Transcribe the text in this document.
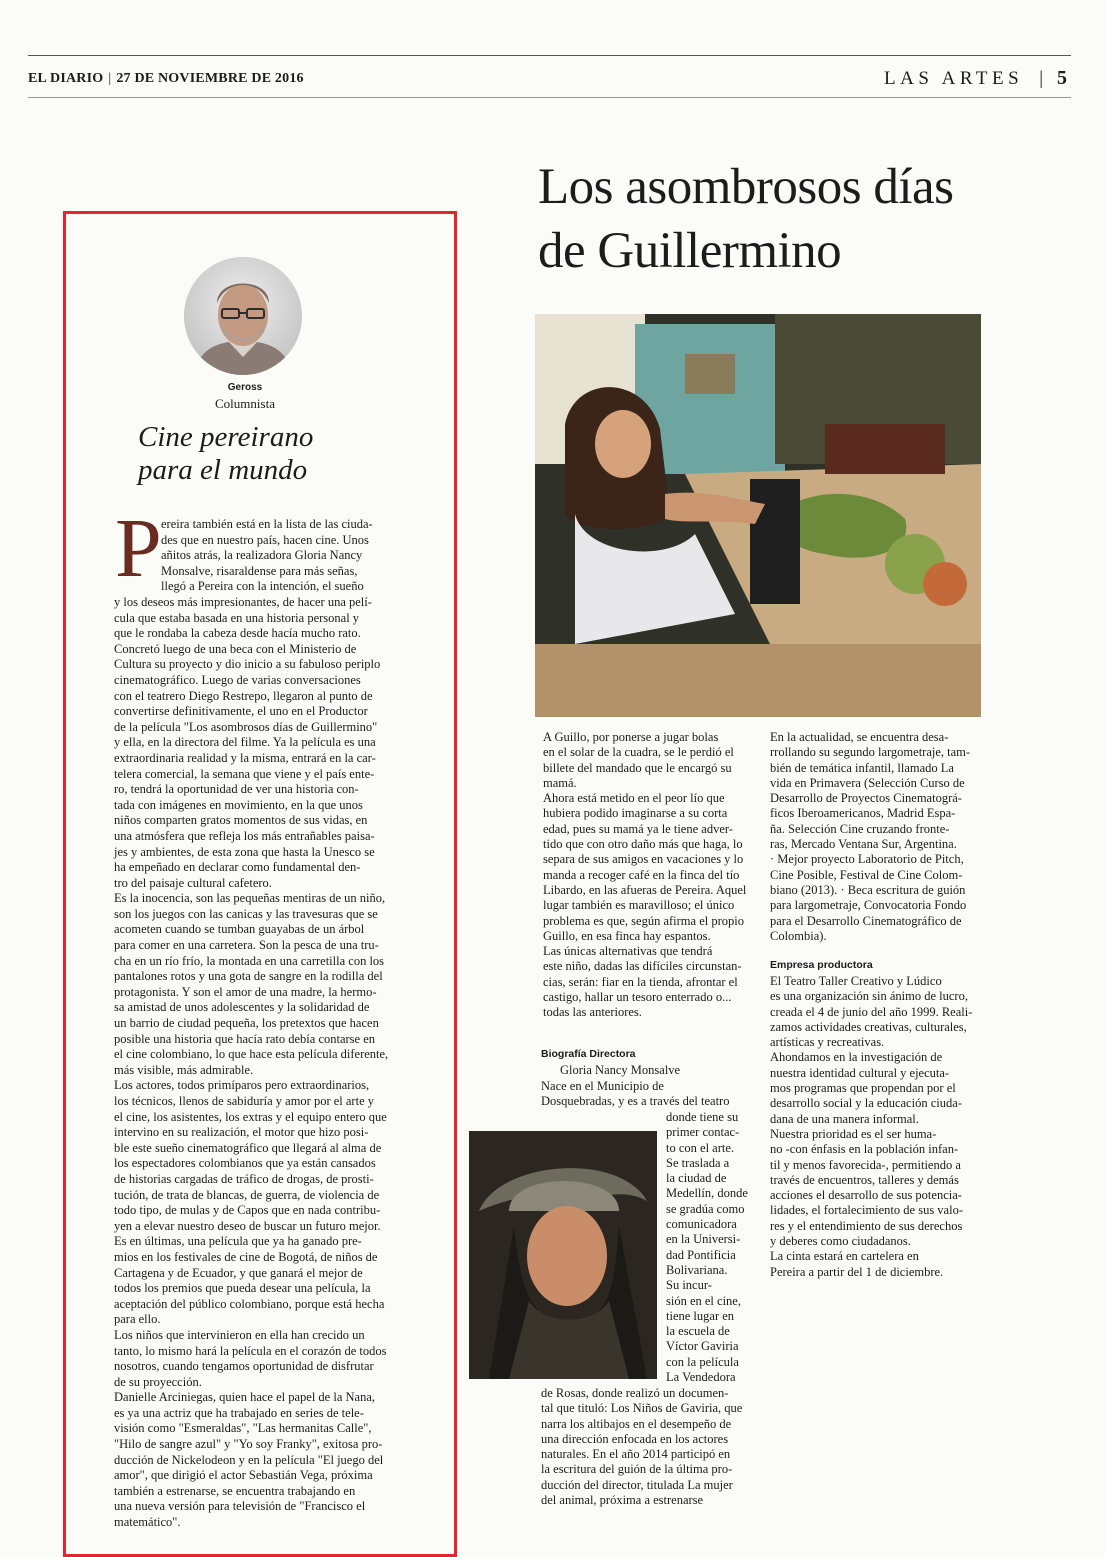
EL DIARIO | 27 DE NOVIEMBRE DE 2016	LAS ARTES | 5
Geross
Columnista
Cine pereirano
para el mundo
P ereira también está en la lista de las ciuda-
des que en nuestro país, hacen cine. Unos
añitos atrás, la realizadora Gloria Nancy
Monsalve, risaraldense para más señas,
llegó a Pereira con la intención, el sueño

y los deseos más impresionantes, de hacer una pelí-
cula que estaba basada en una historia personal y
que le rondaba la cabeza desde hacía mucho rato.
Concretó luego de una beca con el Ministerio de
Cultura su proyecto y dio inicio a su fabuloso periplo
cinematográfico. Luego de varias conversaciones
con el teatrero Diego Restrepo, llegaron al punto de
convertirse definitivamente, el uno en el Productor
de la película "Los asombrosos días de Guillermino"
y ella, en la directora del filme. Ya la película es una
extraordinaria realidad y la misma, entrará en la car-
telera comercial, la semana que viene y el país ente-
ro, tendrá la oportunidad de ver una historia con-
tada con imágenes en movimiento, en la que unos
niños comparten gratos momentos de sus vidas, en
una atmósfera que refleja los más entrañables paisa-
jes y ambientes, de esta zona que hasta la Unesco se
ha empeñado en declarar como fundamental den-
tro del paisaje cultural cafetero.
Es la inocencia, son las pequeñas mentiras de un niño,
son los juegos con las canicas y las travesuras que se
acometen cuando se tumban guayabas de un árbol
para comer en una carretera. Son la pesca de una tru-
cha en un río frío, la montada en una carretilla con los
pantalones rotos y una gota de sangre en la rodilla del
protagonista. Y son el amor de una madre, la hermo-
sa amistad de unos adolescentes y la solidaridad de
un barrio de ciudad pequeña, los pretextos que hacen
posible una historia que hacía rato debía contarse en
el cine colombiano, lo que hace esta película diferente,
más visible, más admirable.
Los actores, todos primíparos pero extraordinarios,
los técnicos, llenos de sabiduría y amor por el arte y
el cine, los asistentes, los extras y el equipo entero que
intervino en su realización, el motor que hizo posi-
ble este sueño cinematográfico que llegará al alma de
los espectadores colombianos que ya están cansados
de historias cargadas de tráfico de drogas, de prosti-
tución, de trata de blancas, de guerra, de violencia de
todo tipo, de mulas y de Capos que en nada contribu-
yen a elevar nuestro deseo de buscar un futuro mejor.
Es en últimas, una película que ya ha ganado pre-
mios en los festivales de cine de Bogotá, de niños de
Cartagena y de Ecuador, y que ganará el mejor de
todos los premios que pueda desear una película, la
aceptación del público colombiano, porque está hecha
para ello.
Los niños que intervinieron en ella han crecido un
tanto, lo mismo hará la película en el corazón de todos
nosotros, cuando tengamos oportunidad de disfrutar
de su proyección.
Danielle Arciniegas, quien hace el papel de la Nana,
es ya una actriz que ha trabajado en series de tele-
visión como "Esmeraldas", "Las hermanitas Calle",
"Hilo de sangre azul" y "Yo soy Franky", exitosa pro-
ducción de Nickelodeon y en la película "El juego del
amor", que dirigió el actor Sebastián Vega, próxima
también a estrenarse, se encuentra trabajando en
una nueva versión para televisión de "Francisco el
matemático".

Los asombrosos días
de Guillermino

A Guillo, por ponerse a jugar bolas
en el solar de la cuadra, se le perdió el
billete del mandado que le encargó su
mamá.
Ahora está metido en el peor lío que
hubiera podido imaginarse a su corta
edad, pues su mamá ya le tiene adver-
tido que con otro daño más que haga, lo
separa de sus amigos en vacaciones y lo
manda a recoger café en la finca del tío
Libardo, en las afueras de Pereira. Aquel
lugar también es maravilloso; el único
problema es que, según afirma el propio
Guillo, en esa finca hay espantos.
Las únicas alternativas que tendrá
este niño, dadas las difíciles circunstan-
cias, serán: fiar en la tienda, afrontar el
castigo, hallar un tesoro enterrado o...
todas las anteriores.

Biografía Directora
Gloria Nancy Monsalve

Nace en el Municipio de
Dosquebradas, y es a través del teatro

donde tiene su
primer contac-
to con el arte.
Se traslada a
la ciudad de
Medellín, donde
se gradúa como
comunicadora
en la Universi-
dad Pontificia
Bolivariana.
Su incur-
sión en el cine,
tiene lugar en
la escuela de
Víctor Gaviria
con la película
La Vendedora

de Rosas, donde realizó un documen-
tal que tituló: Los Niños de Gaviria, que
narra los altibajos en el desempeño de
una dirección enfocada en los actores
naturales. En el año 2014 participó en
la escritura del guión de la última pro-
ducción del director, titulada La mujer
del animal, próxima a estrenarse

En la actualidad, se encuentra desa-
rrollando su segundo largometraje, tam-
bién de temática infantil, llamado La
vida en Primavera (Selección Curso de
Desarrollo de Proyectos Cinematográ-
ficos Iberoamericanos, Madrid Espa-
ña. Selección Cine cruzando fronte-
ras, Mercado Ventana Sur, Argentina.
· Mejor proyecto Laboratorio de Pitch,
Cine Posible, Festival de Cine Colom-
biano (2013). · Beca escritura de guión
para largometraje, Convocatoria Fondo
para el Desarrollo Cinematográfico de
Colombia).

Empresa productora

El Teatro Taller Creativo y Lúdico
es una organización sin ánimo de lucro,
creada el 4 de junio del año 1999. Reali-
zamos actividades creativas, culturales,
artísticas y recreativas.
Ahondamos en la investigación de
nuestra identidad cultural y ejecuta-
mos programas que propendan por el
desarrollo social y la educación ciuda-
dana de una manera informal.
Nuestra prioridad es el ser huma-
no -con énfasis en la población infan-
til y menos favorecida-, permitiendo a
través de encuentros, talleres y demás
acciones el desarrollo de sus potencia-
lidades, el fortalecimiento de sus valo-
res y el entendimiento de sus derechos
y deberes como ciudadanos.
La cinta estará en cartelera en
Pereira a partir del 1 de diciembre.
